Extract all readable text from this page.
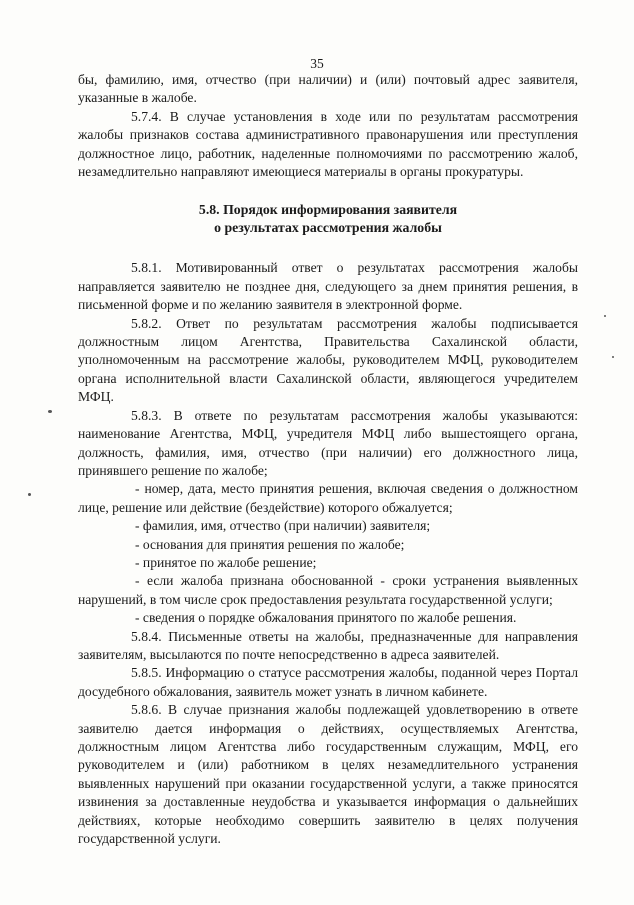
35

бы, фамилию, имя, отчество (при наличии) и (или) почтовый адрес заявителя, указанные в жалобе.

5.7.4. В случае установления в ходе или по результатам рассмотрения жалобы признаков состава административного правонарушения или преступления должностное лицо, работник, наделенные полномочиями по рассмотрению жалоб, незамедлительно направляют имеющиеся материалы в органы прокуратуры.

5.8. Порядок информирования заявителя
о результатах рассмотрения жалобы

5.8.1. Мотивированный ответ о результатах рассмотрения жалобы направляется заявителю не позднее дня, следующего за днем принятия решения, в письменной форме и по желанию заявителя в электронной форме.

5.8.2. Ответ по результатам рассмотрения жалобы подписывается должностным лицом Агентства, Правительства Сахалинской области, уполномоченным на рассмотрение жалобы, руководителем МФЦ, руководителем органа исполнительной власти Сахалинской области, являющегося учредителем МФЦ.

5.8.3. В ответе по результатам рассмотрения жалобы указываются: наименование Агентства, МФЦ, учредителя МФЦ либо вышестоящего органа, должность, фамилия, имя, отчество (при наличии) его должностного лица, принявшего решение по жалобе;

- номер, дата, место принятия решения, включая сведения о должностном лице, решение или действие (бездействие) которого обжалуется;

- фамилия, имя, отчество (при наличии) заявителя;

- основания для принятия решения по жалобе;

- принятое по жалобе решение;

- если жалоба признана обоснованной - сроки устранения выявленных нарушений, в том числе срок предоставления результата государственной услуги;

- сведения о порядке обжалования принятого по жалобе решения.

5.8.4. Письменные ответы на жалобы, предназначенные для направления заявителям, высылаются по почте непосредственно в адреса заявителей.

5.8.5. Информацию о статусе рассмотрения жалобы, поданной через Портал досудебного обжалования, заявитель может узнать в личном кабинете.

5.8.6. В случае признания жалобы подлежащей удовлетворению в ответе заявителю дается информация о действиях, осуществляемых Агентства, должностным лицом Агентства либо государственным служащим, МФЦ, его руководителем и (или) работником в целях незамедлительного устранения выявленных нарушений при оказании государственной услуги, а также приносятся извинения за доставленные неудобства и указывается информация о дальнейших действиях, которые необходимо совершить заявителю в целях получения государственной услуги.
